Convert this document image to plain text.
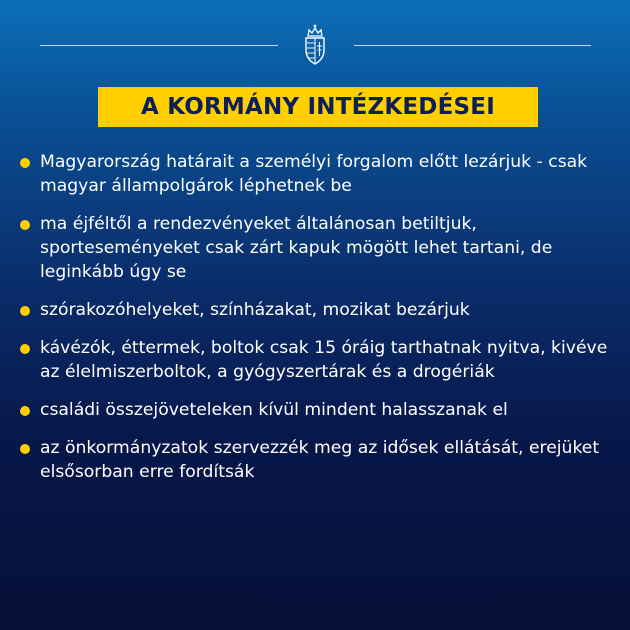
A KORMÁNY INTÉZKEDÉSEI
Magyarország határait a személyi forgalom előtt lezárjuk - csak magyar állampolgárok léphetnek be
ma éjféltől a rendezvényeket általánosan betiltjuk, sporteseményeket csak zárt kapuk mögött lehet tartani, de leginkább úgy se
szórakozóhelyeket, színházakat, mozikat bezárjuk
kávézók, éttermek, boltok csak 15 óráig tarthatnak nyitva, kivéve az élelmiszerboltok, a gyógyszertárak és a drogériák
családi összejöveteleken kívül mindent halasszanak el
az önkormányzatok szervezzék meg az idősek ellátását, erejüket elsősorban erre fordítsák
